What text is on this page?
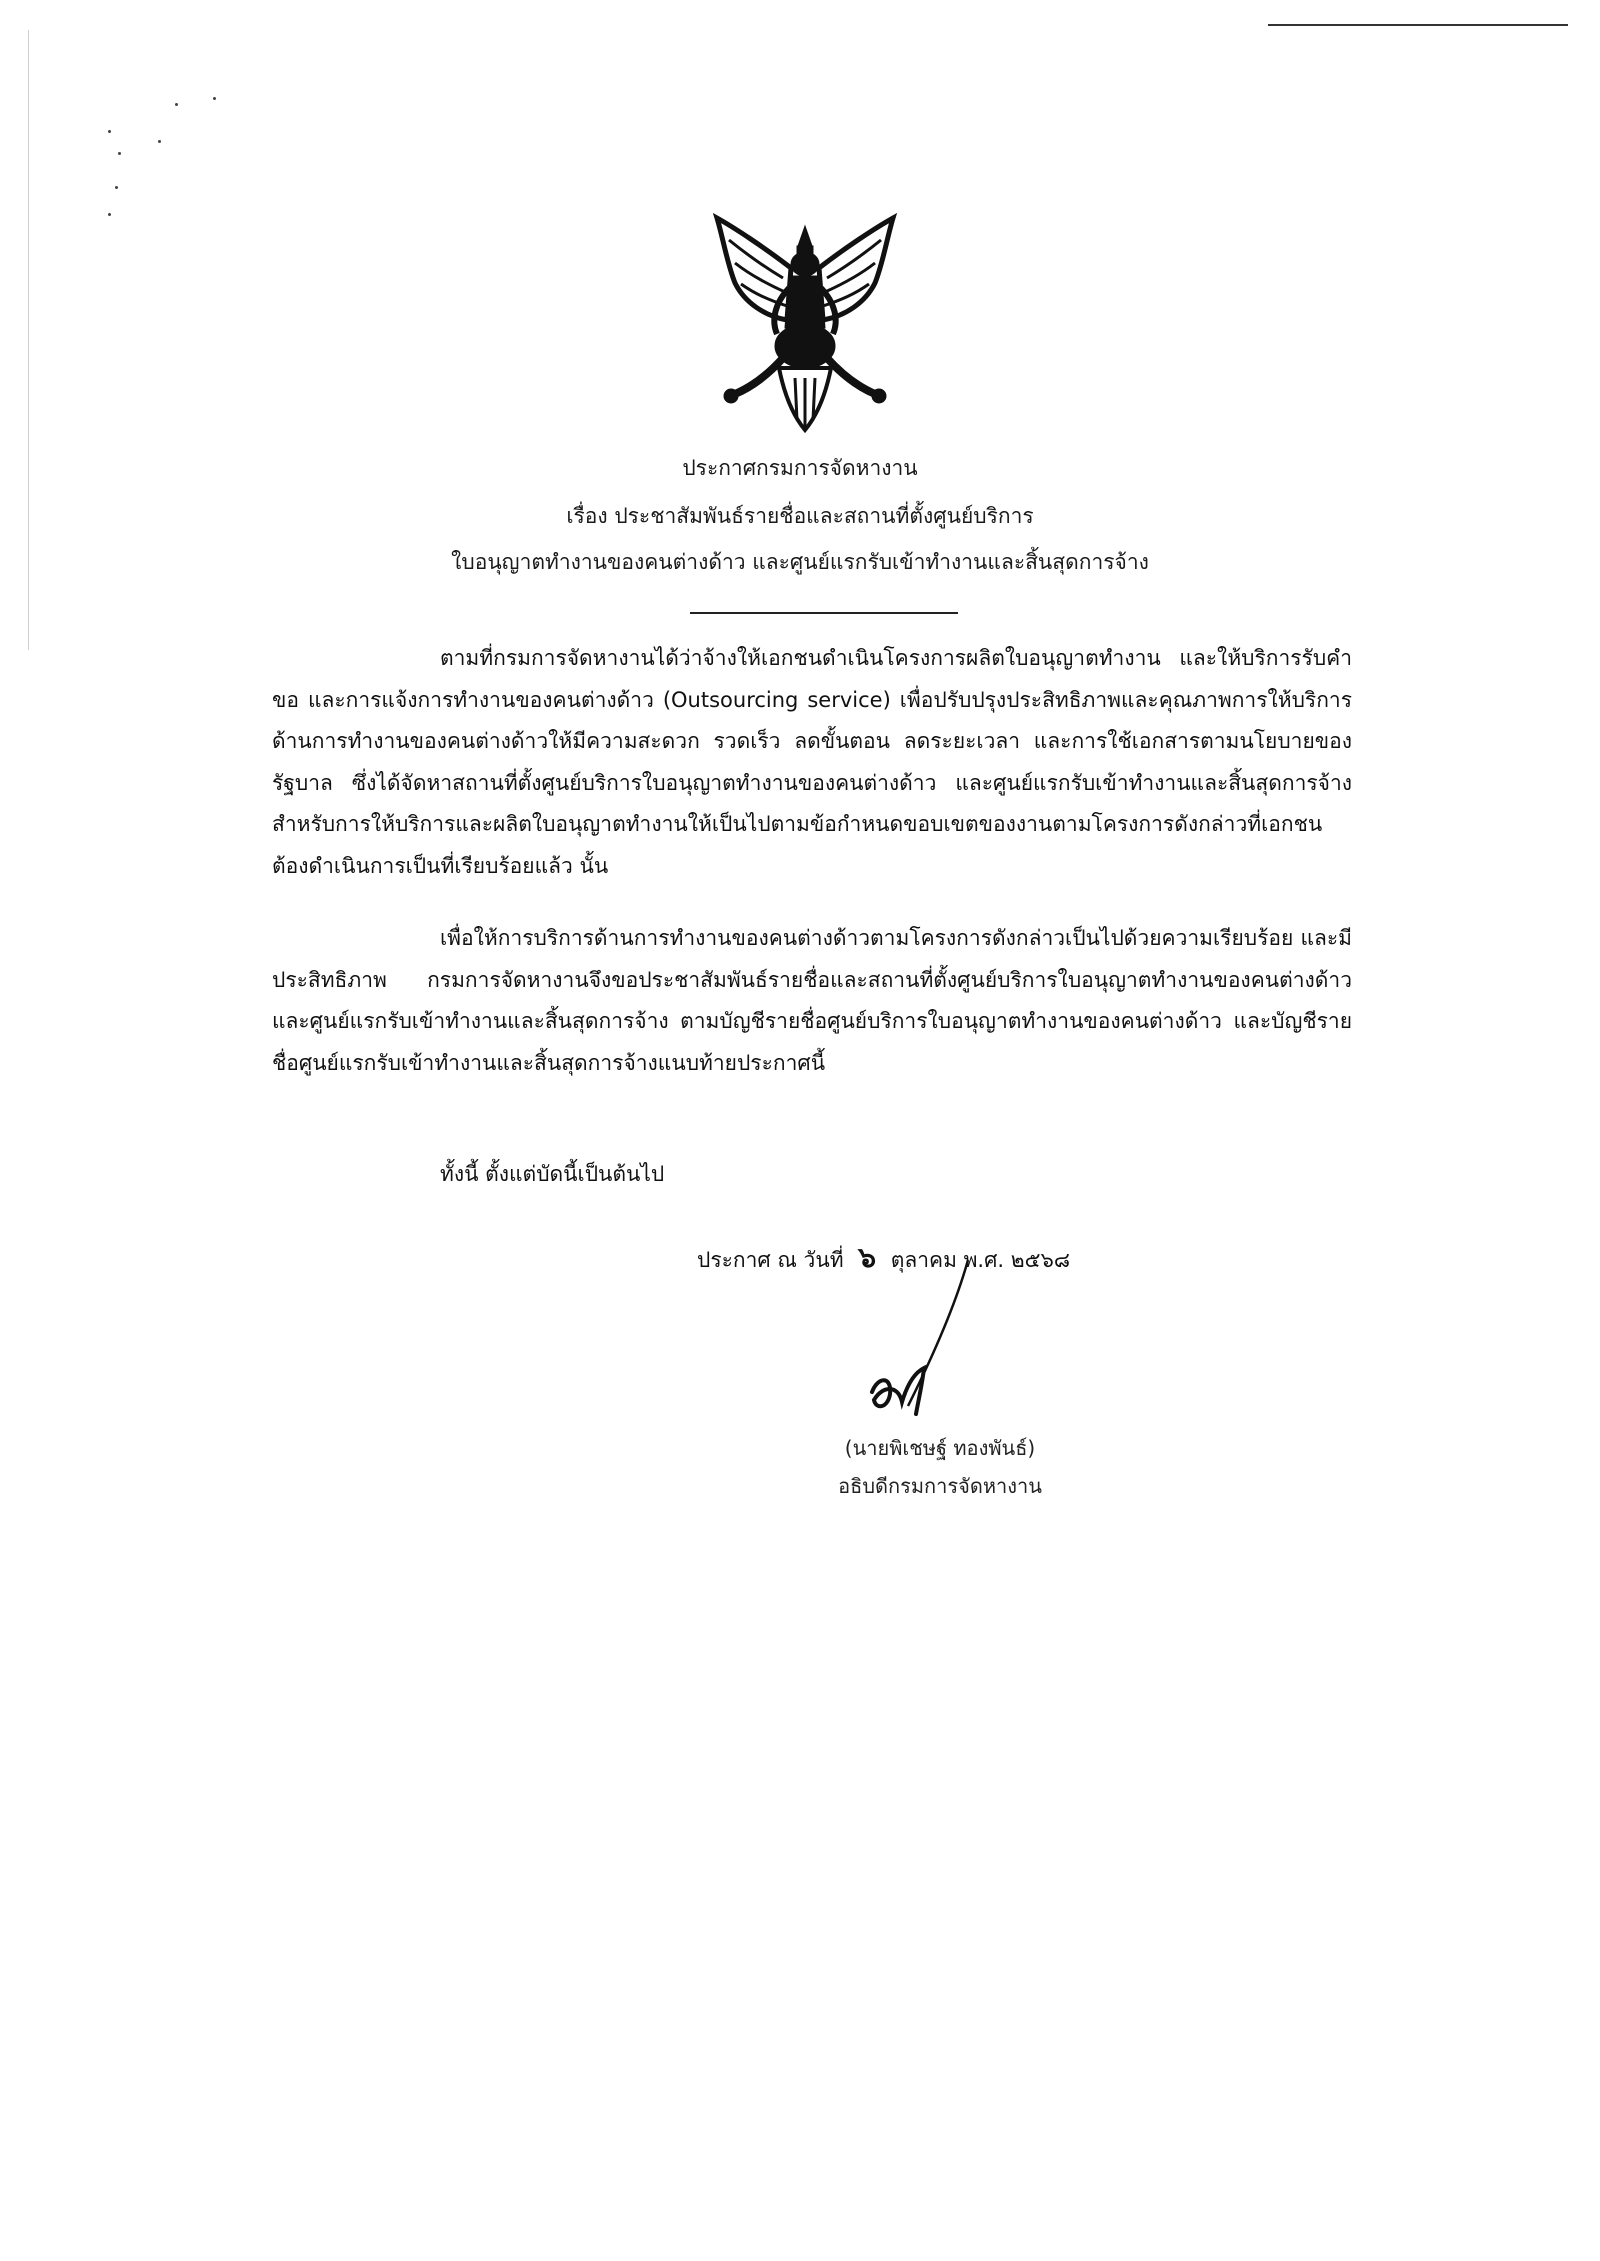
ประกาศกรมการจัดหางาน
เรื่อง ประชาสัมพันธ์รายชื่อและสถานที่ตั้งศูนย์บริการ
ใบอนุญาตทำงานของคนต่างด้าว และศูนย์แรกรับเข้าทำงานและสิ้นสุดการจ้าง
ตามที่กรมการจัดหางานได้ว่าจ้างให้เอกชนดำเนินโครงการผลิตใบอนุญาตทำงาน และให้บริการรับคำขอ และการแจ้งการทำงานของคนต่างด้าว (Outsourcing service) เพื่อปรับปรุงประสิทธิภาพและคุณภาพการให้บริการด้านการทำงานของคนต่างด้าวให้มีความสะดวก รวดเร็ว ลดขั้นตอน ลดระยะเวลา และการใช้เอกสารตามนโยบายของรัฐบาล ซึ่งได้จัดหาสถานที่ตั้งศูนย์บริการใบอนุญาตทำงานของคนต่างด้าว และศูนย์แรกรับเข้าทำงานและสิ้นสุดการจ้าง สำหรับการให้บริการและผลิตใบอนุญาตทำงานให้เป็นไปตามข้อกำหนดขอบเขตของงานตามโครงการดังกล่าวที่เอกชนต้องดำเนินการเป็นที่เรียบร้อยแล้ว นั้น
เพื่อให้การบริการด้านการทำงานของคนต่างด้าวตามโครงการดังกล่าวเป็นไปด้วยความเรียบร้อย และมีประสิทธิภาพ กรมการจัดหางานจึงขอประชาสัมพันธ์รายชื่อและสถานที่ตั้งศูนย์บริการใบอนุญาตทำงานของคนต่างด้าว และศูนย์แรกรับเข้าทำงานและสิ้นสุดการจ้าง ตามบัญชีรายชื่อศูนย์บริการใบอนุญาตทำงานของคนต่างด้าว และบัญชีรายชื่อศูนย์แรกรับเข้าทำงานและสิ้นสุดการจ้างแนบท้ายประกาศนี้
ทั้งนี้ ตั้งแต่บัดนี้เป็นต้นไป
ประกาศ ณ วันที่ ๖ ตุลาคม พ.ศ. ๒๕๖๘
(นายพิเชษฐ์ ทองพันธ์)
อธิบดีกรมการจัดหางาน
